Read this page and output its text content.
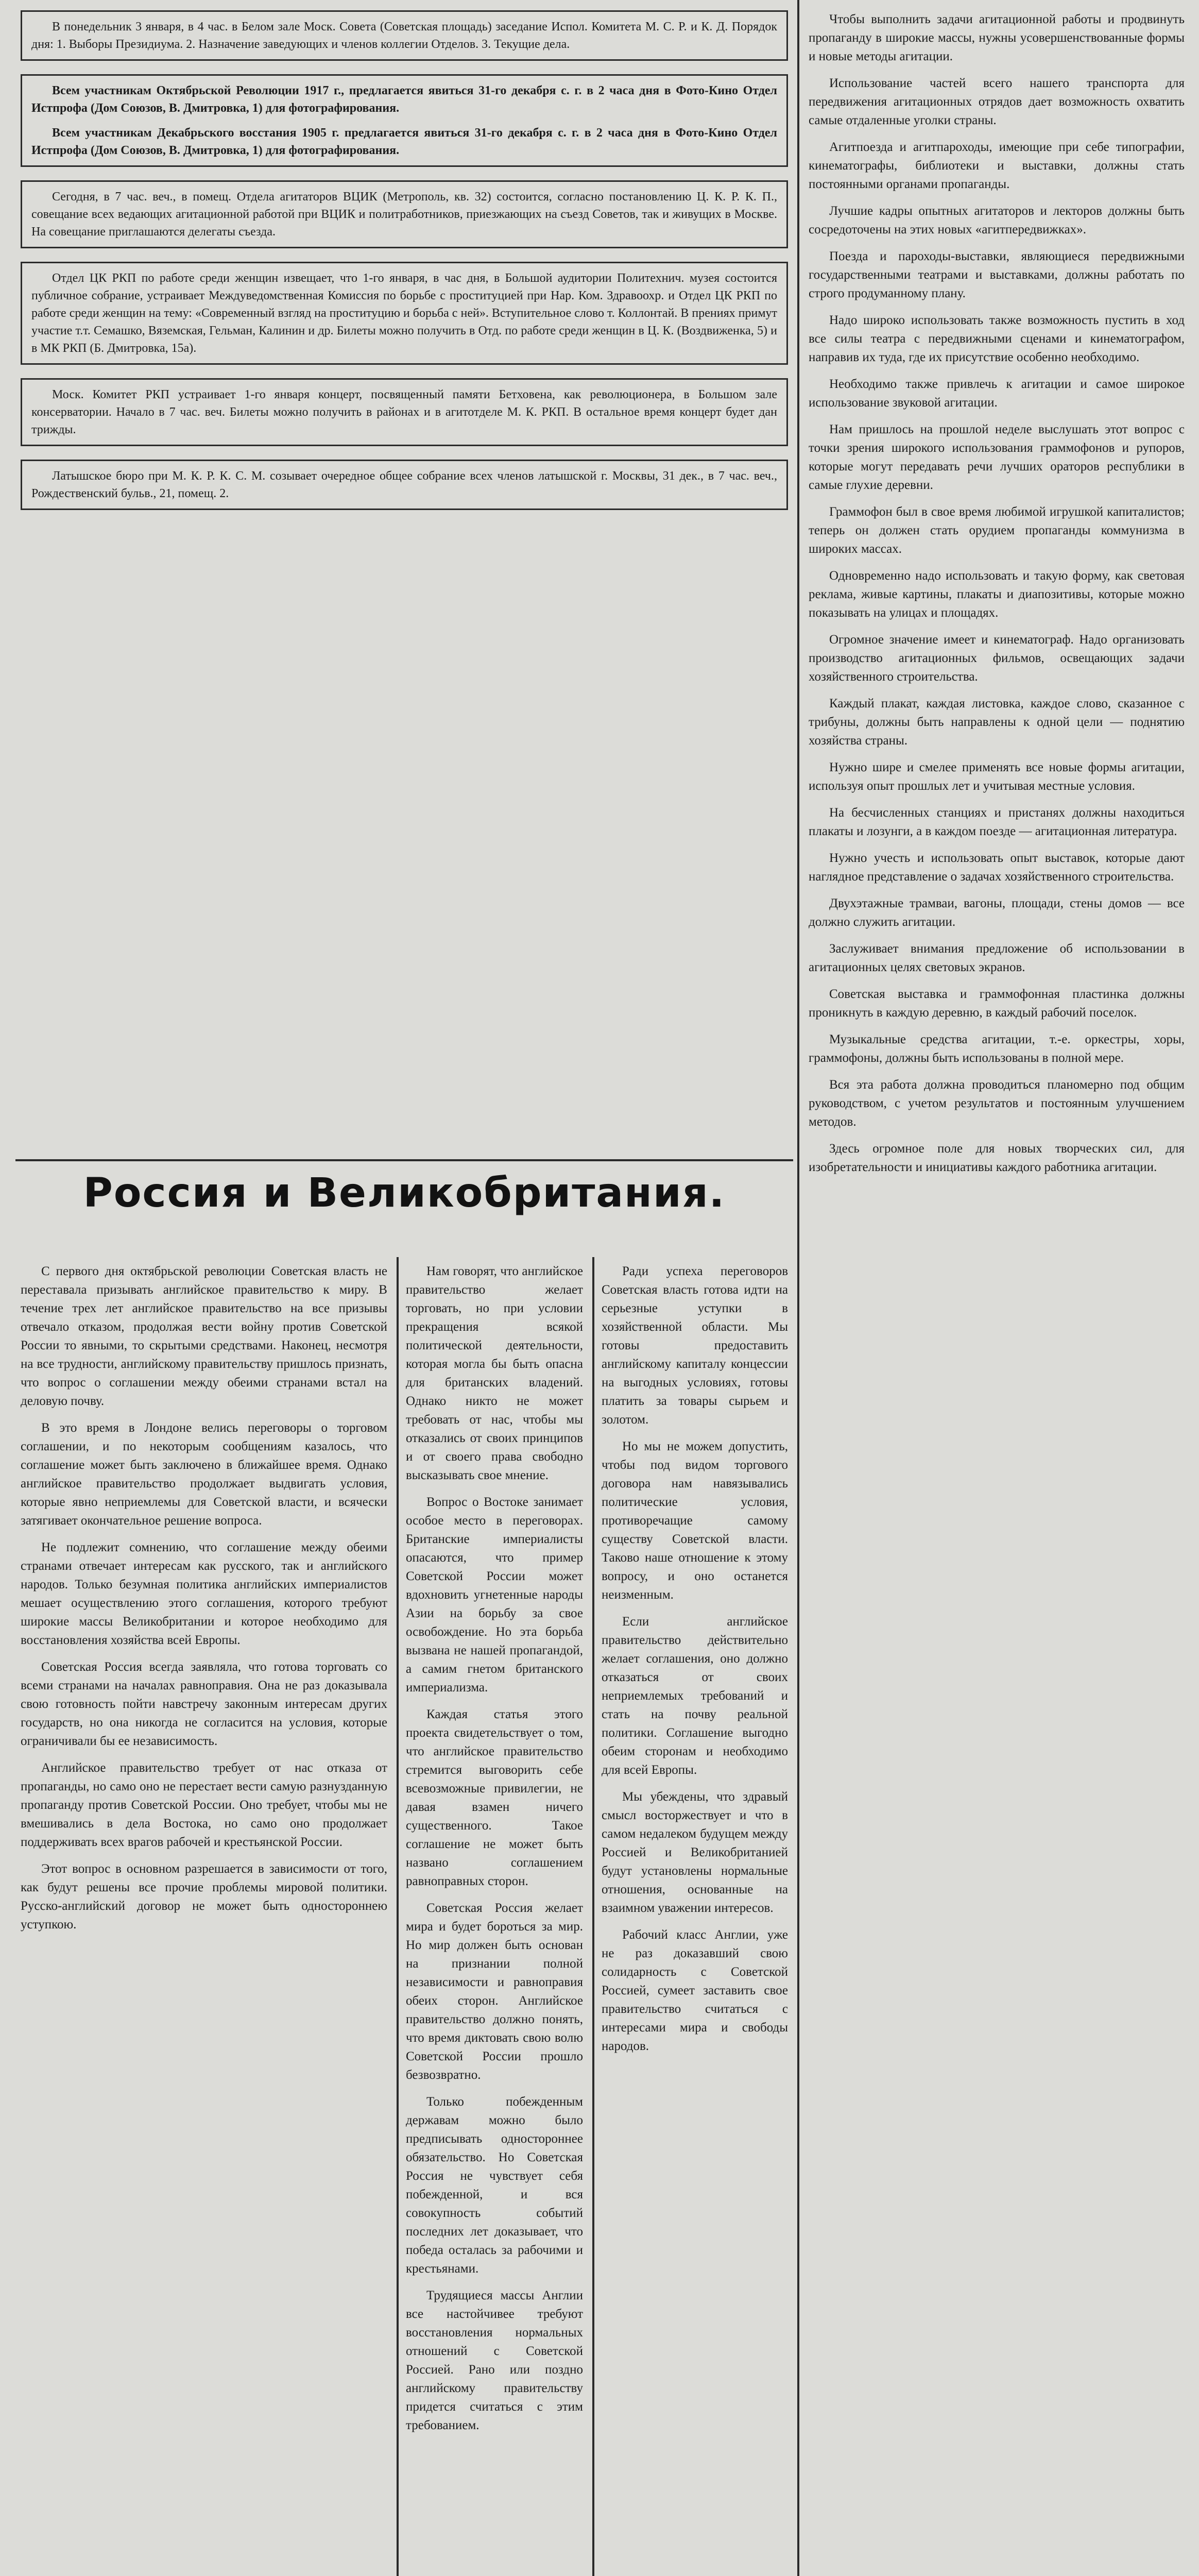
В понедельник 3 января, в 4 час. в Белом зале Моск. Совета (Советская площадь) заседание Испол. Комитета М. С. Р. и К. Д. Порядок дня: 1. Выборы Президиума. 2. Назначение заведующих и членов коллегии Отделов. 3. Текущие дела.
Всем участникам Октябрьской Революции 1917 г., предлагается явиться 31-го декабря с. г. в 2 часа дня в Фото-Кино Отдел Истпрофа (Дом Союзов, В. Дмитровка, 1) для фотографирования.
Всем участникам Декабрьского восстания 1905 г. предлагается явиться 31-го декабря с. г. в 2 часа дня в Фото-Кино Отдел Истпрофа (Дом Союзов, В. Дмитровка, 1) для фотографирования.
Сегодня, в 7 час. веч., в помещ. Отдела агитаторов ВЦИК (Метрополь, кв. 32) состоится, согласно постановлению Ц. К. Р. К. П., совещание всех ведающих агитационной работой при ВЦИК и политработников, приезжающих на съезд Советов, так и живущих в Москве. На совещание приглашаются делегаты съезда.
Отдел ЦК РКП по работе среди женщин извещает, что 1-го января, в час дня, в Большой аудитории Политехнич. музея состоится публичное собрание, устраивает Междуведомственная Комиссия по борьбе с проституцией при Нар. Ком. Здравоохр. и Отдел ЦК РКП по работе среди женщин на тему: «Современный взгляд на проституцию и борьба с ней». Вступительное слово т. Коллонтай. В прениях примут участие т.т. Семашко, Вяземская, Гельман, Калинин и др. Билеты можно получить в Отд. по работе среди женщин в Ц. К. (Воздвиженка, 5) и в МК РКП (Б. Дмитровка, 15а).
Моск. Комитет РКП устраивает 1-го января концерт, посвященный памяти Бетховена, как революционера, в Большом зале консерватории. Начало в 7 час. веч. Билеты можно получить в районах и в агитотделе М. К. РКП. В остальное время концерт будет дан трижды.
Латышское бюро при М. К. Р. К. С. М. созывает очередное общее собрание всех членов латышской г. Москвы, 31 дек., в 7 час. веч., Рождественский бульв., 21, помещ. 2.
Россия и Великобритания.

С первого дня октябрьской революции Советская власть не переставала призывать английское правительство к миру. В течение трех лет английское правительство на все призывы отвечало отказом, продолжая вести войну против Советской России то явными, то скрытыми средствами. Наконец, несмотря на все трудности, английскому правительству пришлось признать, что вопрос о соглашении между обеими странами встал на деловую почву.

В это время в Лондоне велись переговоры о торговом соглашении, и по некоторым сообщениям казалось, что соглашение может быть заключено в ближайшее время. Однако английское правительство продолжает выдвигать условия, которые явно неприемлемы для Советской власти, и всячески затягивает окончательное решение вопроса.

Не подлежит сомнению, что соглашение между обеими странами отвечает интересам как русского, так и английского народов. Только безумная политика английских империалистов мешает осуществлению этого соглашения, которого требуют широкие массы Великобритании и которое необходимо для восстановления хозяйства всей Европы.

Советская Россия всегда заявляла, что готова торговать со всеми странами на началах равноправия. Она не раз доказывала свою готовность пойти навстречу законным интересам других государств, но она никогда не согласится на условия, которые ограничивали бы ее независимость.

Английское правительство требует от нас отказа от пропаганды, но само оно не перестает вести самую разнузданную пропаганду против Советской России. Оно требует, чтобы мы не вмешивались в дела Востока, но само оно продолжает поддерживать всех врагов рабочей и крестьянской России.

Этот вопрос в основном разрешается в зависимости от того, как будут решены все прочие проблемы мировой политики. Русско-английский договор не может быть одностороннею уступкою.

Нам говорят, что английское правительство желает торговать, но при условии прекращения всякой политической деятельности, которая могла бы быть опасна для британских владений. Однако никто не может требовать от нас, чтобы мы отказались от своих принципов и от своего права свободно высказывать свое мнение.

Вопрос о Востоке занимает особое место в переговорах. Британские империалисты опасаются, что пример Советской России может вдохновить угнетенные народы Азии на борьбу за свое освобождение. Но эта борьба вызвана не нашей пропагандой, а самим гнетом британского империализма.

Каждая статья этого проекта свидетельствует о том, что английское правительство стремится выговорить себе всевозможные привилегии, не давая взамен ничего существенного. Такое соглашение не может быть названо соглашением равноправных сторон.

Советская Россия желает мира и будет бороться за мир. Но мир должен быть основан на признании полной независимости и равноправия обеих сторон. Английское правительство должно понять, что время диктовать свою волю Советской России прошло безвозвратно.

Только побежденным державам можно было предписывать одностороннее обязательство. Но Советская Россия не чувствует себя побежденной, и вся совокупность событий последних лет доказывает, что победа осталась за рабочими и крестьянами.

Трудящиеся массы Англии все настойчивее требуют восстановления нормальных отношений с Советской Россией. Рано или поздно английскому правительству придется считаться с этим требованием.

Ради успеха переговоров Советская власть готова идти на серьезные уступки в хозяйственной области. Мы готовы предоставить английскому капиталу концессии на выгодных условиях, готовы платить за товары сырьем и золотом.

Но мы не можем допустить, чтобы под видом торгового договора нам навязывались политические условия, противоречащие самому существу Советской власти. Таково наше отношение к этому вопросу, и оно останется неизменным.

Если английское правительство действительно желает соглашения, оно должно отказаться от своих неприемлемых требований и стать на почву реальной политики. Соглашение выгодно обеим сторонам и необходимо для всей Европы.

Мы убеждены, что здравый смысл восторжествует и что в самом недалеком будущем между Россией и Великобританией будут установлены нормальные отношения, основанные на взаимном уважении интересов.

Рабочий класс Англии, уже не раз доказавший свою солидарность с Советской Россией, сумеет заставить свое правительство считаться с интересами мира и свободы народов.

Чтобы выполнить задачи агитационной работы и продвинуть пропаганду в широкие массы, нужны усовершенствованные формы и новые методы агитации.

Использование частей всего нашего транспорта для передвижения агитационных отрядов дает возможность охватить самые отдаленные уголки страны.

Агитпоезда и агитпароходы, имеющие при себе типографии, кинематографы, библиотеки и выставки, должны стать постоянными органами пропаганды.

Лучшие кадры опытных агитаторов и лекторов должны быть сосредоточены на этих новых «агитпередвижках».

Поезда и пароходы-выставки, являющиеся передвижными государственными театрами и выставками, должны работать по строго продуманному плану.

Надо широко использовать также возможность пустить в ход все силы театра с передвижными сценами и кинематографом, направив их туда, где их присутствие особенно необходимо.

Необходимо также привлечь к агитации и самое широкое использование звуковой агитации.

Нам пришлось на прошлой неделе выслушать этот вопрос с точки зрения широкого использования граммофонов и рупоров, которые могут передавать речи лучших ораторов республики в самые глухие деревни.

Граммофон был в свое время любимой игрушкой капиталистов; теперь он должен стать орудием пропаганды коммунизма в широких массах.

Одновременно надо использовать и такую форму, как световая реклама, живые картины, плакаты и диапозитивы, которые можно показывать на улицах и площадях.

Огромное значение имеет и кинематограф. Надо организовать производство агитационных фильмов, освещающих задачи хозяйственного строительства.

Каждый плакат, каждая листовка, каждое слово, сказанное с трибуны, должны быть направлены к одной цели — поднятию хозяйства страны.

Нужно шире и смелее применять все новые формы агитации, используя опыт прошлых лет и учитывая местные условия.

На бесчисленных станциях и пристанях должны находиться плакаты и лозунги, а в каждом поезде — агитационная литература.

Нужно учесть и использовать опыт выставок, которые дают наглядное представление о задачах хозяйственного строительства.

Двухэтажные трамваи, вагоны, площади, стены домов — все должно служить агитации.

Заслуживает внимания предложение об использовании в агитационных целях световых экранов.

Советская выставка и граммофонная пластинка должны проникнуть в каждую деревню, в каждый рабочий поселок.

Музыкальные средства агитации, т.-е. оркестры, хоры, граммофоны, должны быть использованы в полной мере.

Вся эта работа должна проводиться планомерно под общим руководством, с учетом результатов и постоянным улучшением методов.

Здесь огромное поле для новых творческих сил, для изобретательности и инициативы каждого работника агитации.
